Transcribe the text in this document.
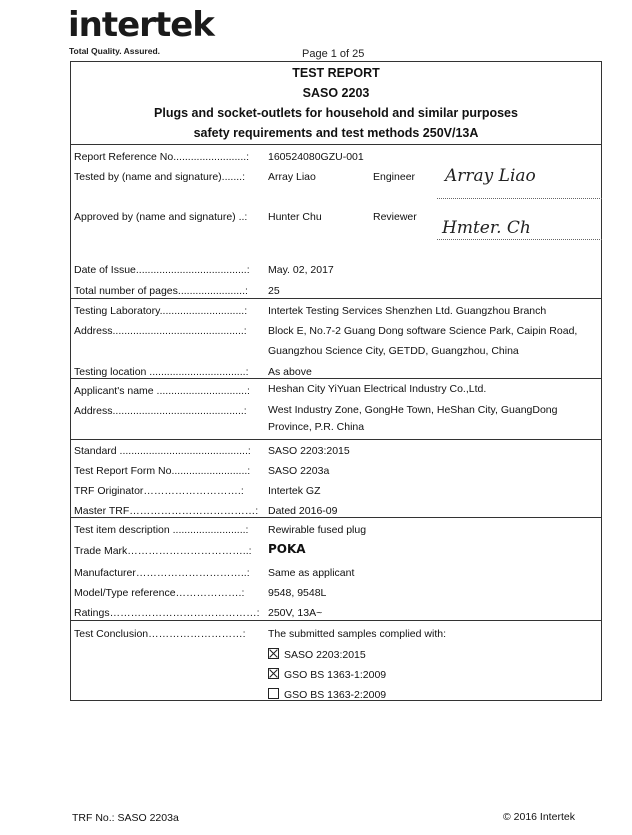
intertek
Total Quality. Assured.	Page 1 of 25
TEST REPORT
SASO 2203
Plugs and socket-outlets for household and similar purposes
safety requirements and test methods 250V/13A
Report Reference No.........................: 160524080GZU-001
Tested by (name and signature).......: Array Liao	Engineer Array Liao
Approved by (name and signature) ..: Hunter Chu	Reviewer
Hmter. Ch
Date of Issue......................................: May. 02, 2017
Total number of pages.......................: 25
Testing Laboratory.............................: Intertek Testing Services Shenzhen Ltd. Guangzhou Branch
Address.............................................: Block E, No.7-2 Guang Dong software Science Park, Caipin Road,
Guangzhou Science City, GETDD, Guangzhou, China
Testing location .................................: As above
Applicant's name ...............................: Heshan City YiYuan Electrical Industry Co.,Ltd.
Address.............................................: West Industry Zone, GongHe Town, HeShan City, GuangDong
Province, P.R. China
Standard ............................................: SASO 2203:2015
Test Report Form No..........................: SASO 2203a
TRF Originator……………………….: Intertek GZ
Master TRF………………………………: Dated 2016-09
Test item description .........................: Rewirable fused plug
Trade Mark……………………………..: POKA
Manufacturer…………………………..: Same as applicant
Model/Type reference……………….: 9548, 9548L
Ratings……………………………………: 250V, 13A~
Test Conclusion………………………: The submitted samples complied with:
SASO 2203:2015
GSO BS 1363-1:2009
GSO BS 1363-2:2009
TRF No.: SASO 2203a	© 2016 Intertek
